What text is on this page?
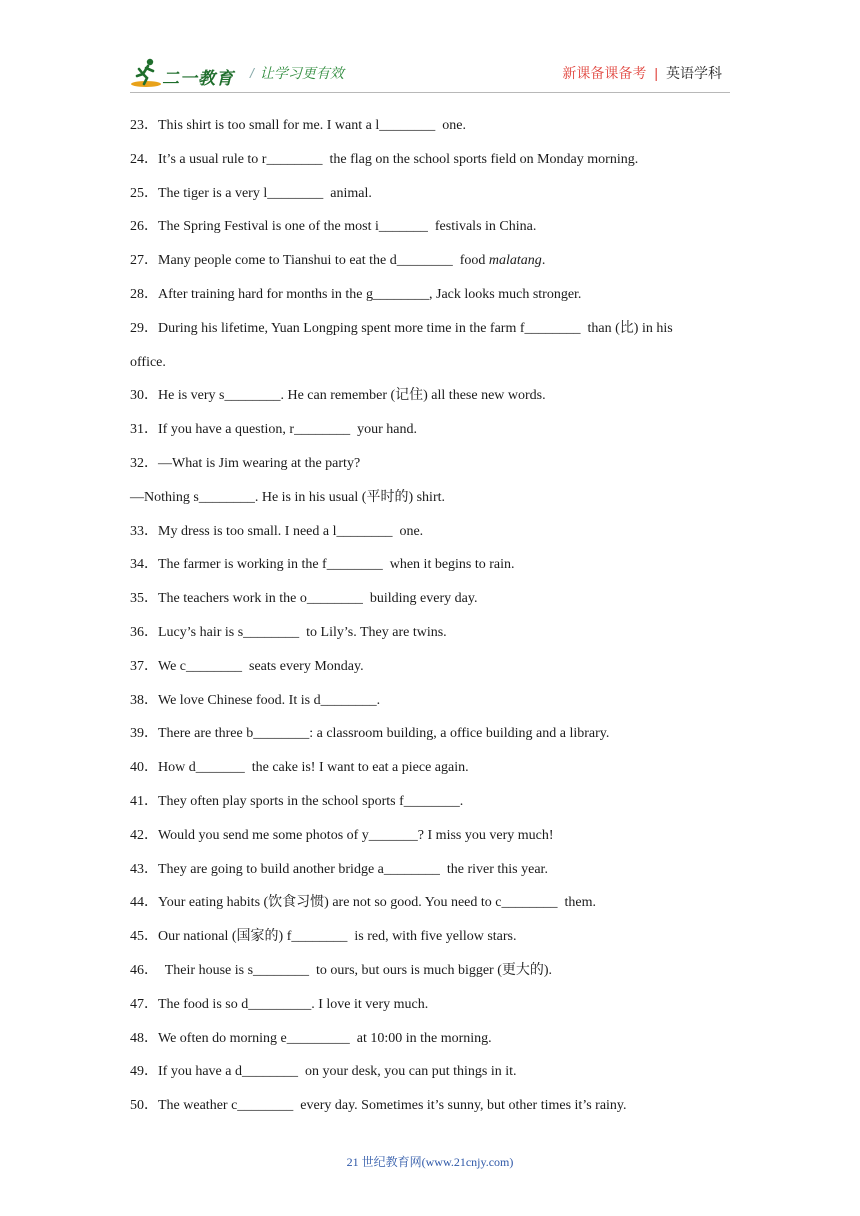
二一教育 / 让学习更有效	新课备课备考 | 英语学科
23．This shirt is too small for me. I want a l________  one.
24．It’s a usual rule to r________  the flag on the school sports field on Monday morning.
25．The tiger is a very l________  animal.
26．The Spring Festival is one of the most i_______  festivals in China.
27．Many people come to Tianshui to eat the d________  food malatang.
28．After training hard for months in the g________, Jack looks much stronger.
29．During his lifetime, Yuan Longping spent more time in the farm f________  than (比) in his
office.
30．He is very s________. He can remember (记住) all these new words.
31．If you have a question, r________  your hand.
32．—What is Jim wearing at the party?
—Nothing s________. He is in his usual (平时的) shirt.
33．My dress is too small. I need a l________  one.
34．The farmer is working in the f________  when it begins to rain.
35．The teachers work in the o________  building every day.
36．Lucy’s hair is s________  to Lily’s. They are twins.
37．We c________  seats every Monday.
38．We love Chinese food. It is d________.
39．There are three b________: a classroom building, a office building and a library.
40．How d_______  the cake is! I want to eat a piece again.
41．They often play sports in the school sports f________.
42．Would you send me some photos of y_______? I miss you very much!
43．They are going to build another bridge a________  the river this year.
44．Your eating habits (饮食习惯) are not so good. You need to c________  them.
45．Our national (国家的) f________  is red, with five yellow stars.
46．  Their house is s________  to ours, but ours is much bigger (更大的).
47．The food is so d_________. I love it very much.
48．We often do morning e_________  at 10:00 in the morning.
49．If you have a d________  on your desk, you can put things in it.
50．The weather c________  every day. Sometimes it’s sunny, but other times it’s rainy.
21 世纪教育网(www.21cnjy.com)
